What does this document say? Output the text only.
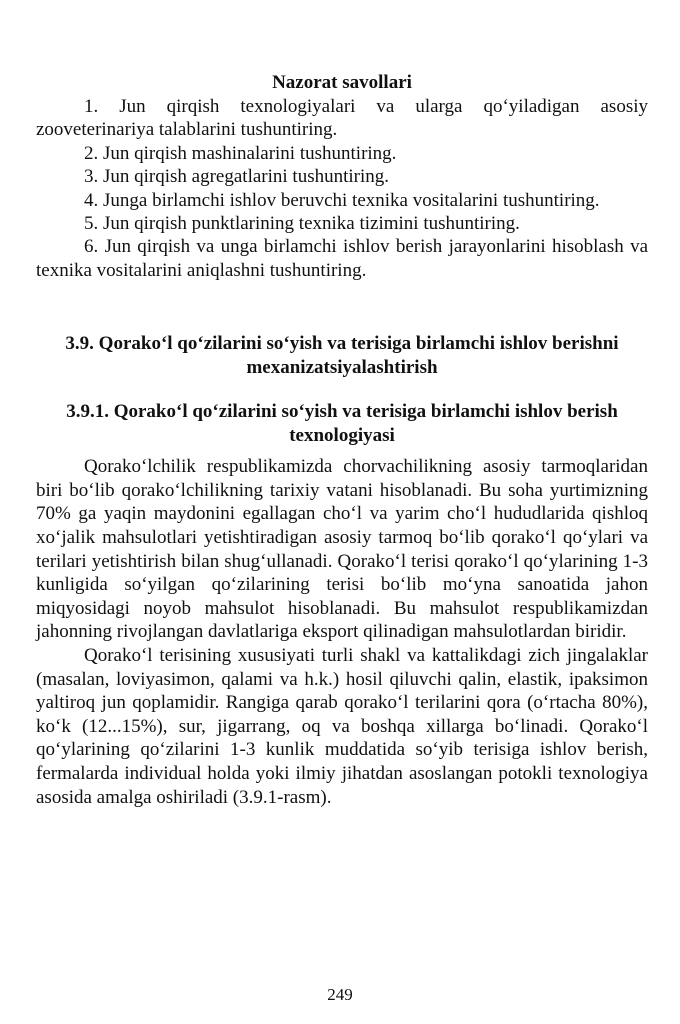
Nazorat savollari

1. Jun qirqish texnologiyalari va ularga qo‘yiladigan asosiy zooveterinariya talablarini tushuntiring.

2. Jun qirqish mashinalarini tushuntiring.

3. Jun qirqish agregatlarini tushuntiring.

4. Junga birlamchi ishlov beruvchi texnika vositalarini tushuntiring.

5. Jun qirqish punktlarining texnika tizimini tushuntiring.

6. Jun qirqish va unga birlamchi ishlov berish jarayonlarini hisoblash va texnika vositalarini aniqlashni tushuntiring.

3.9. Qorako‘l qo‘zilarini so‘yish va terisiga birlamchi ishlov berishni mexanizatsiyalashtirish
3.9.1. Qorako‘l qo‘zilarini so‘yish va terisiga birlamchi ishlov berish texnologiyasi

Qorako‘lchilik respublikamizda chorvachilikning asosiy tarmoqlaridan biri bo‘lib qorako‘lchilikning tarixiy vatani hisoblanadi. Bu soha yurtimizning 70% ga yaqin maydonini egallagan cho‘l va yarim cho‘l hududlarida qishloq xo‘jalik mahsulotlari yetishtiradigan asosiy tarmoq bo‘lib qorako‘l qo‘ylari va terilari yetishtirish bilan shug‘ullanadi. Qorako‘l terisi qorako‘l qo‘ylarining 1-3 kunligida so‘yilgan qo‘zilarining terisi bo‘lib mo‘yna sanoatida jahon miqyosidagi noyob mahsulot hisoblanadi. Bu mahsulot respublikamizdan jahonning rivojlangan davlatlariga eksport qilinadigan mahsulotlardan biridir.

Qorako‘l terisining xususiyati turli shakl va kattalikdagi zich jingalaklar (masalan, loviyasimon, qalami va h.k.) hosil qiluvchi qalin, elastik, ipaksimon yaltiroq jun qoplamidir. Rangiga qarab qorako‘l terilarini qora (o‘rtacha 80%), ko‘k (12...15%), sur, jigarrang, oq va boshqa xillarga bo‘linadi. Qorako‘l qo‘ylarining qo‘zilarini 1-3 kunlik muddatida so‘yib terisiga ishlov berish, fermalarda individual holda yoki ilmiy jihatdan asoslangan potokli texnologiya asosida amalga oshiriladi (3.9.1-rasm).

249
